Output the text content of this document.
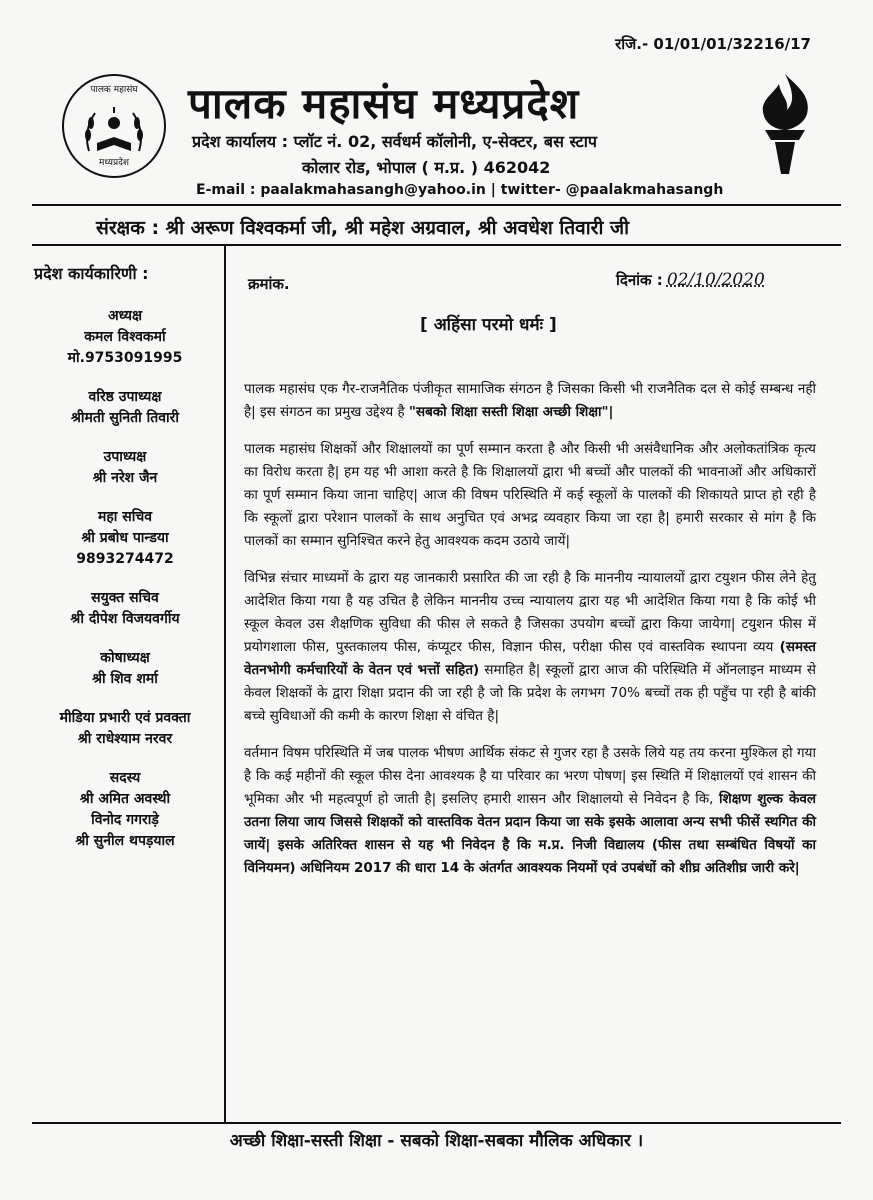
रजि.- 01/01/01/32216/17
पालक महासंघ
मध्यप्रदेश
पालक महासंघ मध्यप्रदेश
प्रदेश कार्यालय : प्लॉट नं. 02, सर्वधर्म कॉलोनी, ए-सेक्टर, बस स्टाप
कोलार रोड, भोपाल ( म.प्र. ) 462042
E-mail : paalakmahasangh@yahoo.in | twitter- @paalakmahasangh
संरक्षक : श्री अरूण विश्वकर्मा जी, श्री महेश अग्रवाल, श्री अवधेश तिवारी जी
प्रदेश कार्यकारिणी :
अध्यक्ष
कमल विश्वकर्मा
मो.9753091995
वरिष्ठ उपाध्यक्ष
श्रीमती सुनिती तिवारी
उपाध्यक्ष
श्री नरेश जैन
महा सचिव
श्री प्रबोध पान्डया
9893274472
सयुक्त सचिव
श्री दीपेश विजयवर्गीय
कोषाध्यक्ष
श्री शिव शर्मा
मीडिया प्रभारी एवं प्रवक्ता
श्री राधेश्याम नरवर
सदस्य
श्री अमित अवस्थी
विनोद गगराड़े
श्री सुनील थपड़याल
क्रमांक.	दिनांक : 02/10/2020
[ अहिंसा परमो धर्मः ]

पालक महासंघ एक गैर-राजनैतिक पंजीकृत सामाजिक संगठन है जिसका किसी भी राजनैतिक दल से कोई सम्बन्ध नही है| इस संगठन का प्रमुख उद्देश्य है "सबको शिक्षा सस्ती शिक्षा अच्छी शिक्षा"|

पालक महासंघ शिक्षकों और शिक्षालयों का पूर्ण सम्मान करता है और किसी भी असंवैधानिक और अलोकतांत्रिक कृत्य का विरोध करता है| हम यह भी आशा करते है कि शिक्षालयों द्वारा भी बच्चों और पालकों की भावनाओं और अधिकारों का पूर्ण सम्मान किया जाना चाहिए| आज की विषम परिस्थिति में कई स्कूलों के पालकों की शिकायते प्राप्त हो रही है कि स्कूलों द्वारा परेशान पालकों के साथ अनुचित एवं अभद्र व्यवहार किया जा रहा है| हमारी सरकार से मांग है कि पालकों का सम्मान सुनिश्चित करने हेतु आवश्यक कदम उठाये जायें|

विभिन्न संचार माध्यमों के द्वारा यह जानकारी प्रसारित की जा रही है कि माननीय न्यायालयों द्वारा टयुशन फीस लेने हेतु आदेशित किया गया है यह उचित है लेकिन माननीय उच्च न्यायालय द्वारा यह भी आदेशित किया गया है कि कोई भी स्कूल केवल उस शैक्षणिक सुविधा की फीस ले सकते है जिसका उपयोग बच्चों द्वारा किया जायेगा| टयुशन फीस में प्रयोगशाला फीस, पुस्तकालय फीस, कंप्यूटर फीस, विज्ञान फीस, परीक्षा फीस एवं वास्तविक स्थापना व्यय (समस्त वेतनभोगी कर्मचारियों के वेतन एवं भत्तों सहित) समाहित है| स्कूलों द्वारा आज की परिस्थिति में ऑनलाइन माध्यम से केवल शिक्षकों के द्वारा शिक्षा प्रदान की जा रही है जो कि प्रदेश के लगभग 70% बच्चों तक ही पहुँच पा रही है बांकी बच्चे सुविधाओं की कमी के कारण शिक्षा से वंचित है|

वर्तमान विषम परिस्थिति में जब पालक भीषण आर्थिक संकट से गुजर रहा है उसके लिये यह तय करना मुश्किल हो गया है कि कई महीनों की स्कूल फीस देना आवश्यक है या परिवार का भरण पोषण| इस स्थिति में शिक्षालयों एवं शासन की भूमिका और भी महत्वपूर्ण हो जाती है| इसलिए हमारी शासन और शिक्षालयो से निवेदन है कि, शिक्षण शुल्क केवल उतना लिया जाय जिससे शिक्षकों को वास्तविक वेतन प्रदान किया जा सके इसके आलावा अन्य सभी फीसें स्थगित की जायें| इसके अतिरिक्त शासन से यह भी निवेदन है कि म.प्र. निजी विद्यालय (फीस तथा सम्बंधित विषयों का विनियमन) अधिनियम 2017 की धारा 14 के अंतर्गत आवश्यक नियमों एवं उपबंधों को शीघ्र अतिशीघ्र जारी करे|

अच्छी शिक्षा-सस्ती शिक्षा - सबको शिक्षा-सबका मौलिक अधिकार ।
